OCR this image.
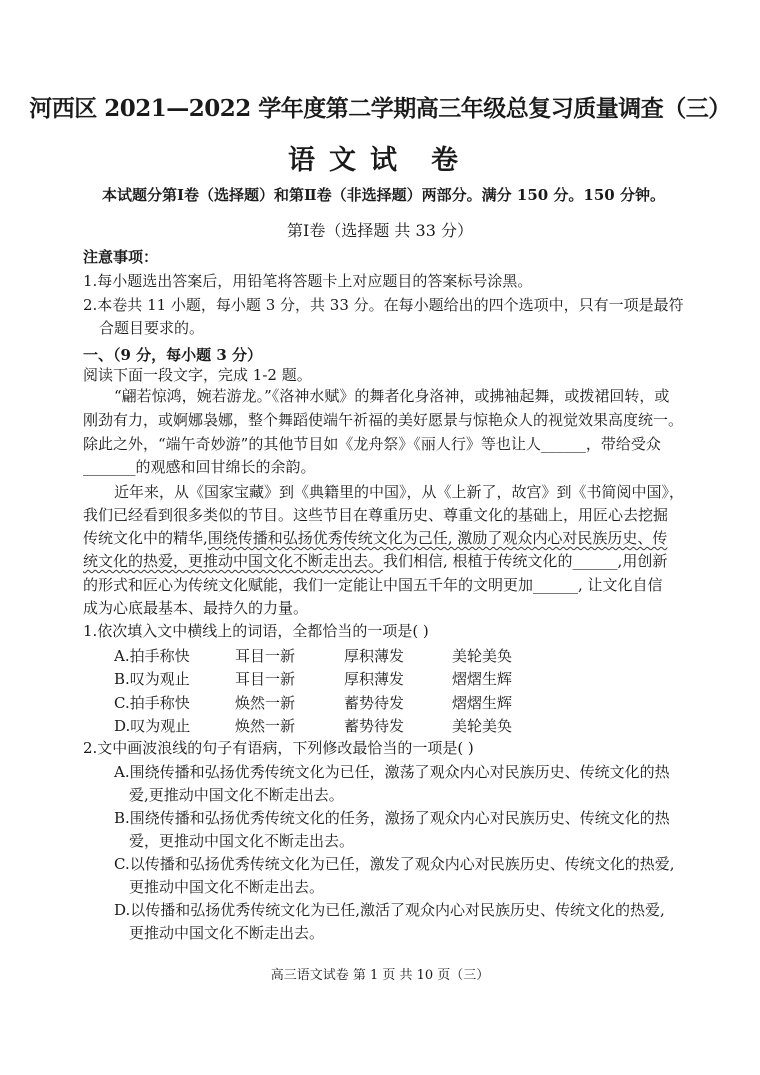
河西区 2021—2022 学年度第二学期高三年级总复习质量调查（三）
语文试 卷
本试题分第Ⅰ卷（选择题）和第Ⅱ卷（非选择题）两部分。满分 150 分。150 分钟。
第Ⅰ卷（选择题 共 33 分）
注意事项：
1.每小题选出答案后，用铅笔将答题卡上对应题目的答案标号涂黑。
2.本卷共 11 小题，每小题 3 分，共 33 分。在每小题给出的四个选项中，只有一项是最符
合题目要求的。
一、（9 分，每小题 3 分）
阅读下面一段文字，完成 1-2 题。
“翩若惊鸿，婉若游龙。”《洛神水赋》的舞者化身洛神，或拂袖起舞，或拨裙回转，或
刚劲有力，或婀娜袅娜，整个舞蹈使端午祈福的美好愿景与惊艳众人的视觉效果高度统一。
除此之外，“端午奇妙游”的其他节目如《龙舟祭》《丽人行》等也让人______，带给受众
_______的观感和回甘绵长的余韵。
近年来，从《国家宝藏》到《典籍里的中国》，从《上新了，故宫》到《书简阅中国》，
我们已经看到很多类似的节目。这些节目在尊重历史、尊重文化的基础上，用匠心去挖掘
传统文化中的精华,围绕传播和弘扬优秀传统文化为己任, 激励了观众内心对民族历史、传
统文化的热爱，更推动中国文化不断走出去。我们相信, 根植于传统文化的______,用创新
的形式和匠心为传统文化赋能，我们一定能让中国五千年的文明更加______, 让文化自信
成为心底最基本、最持久的力量。
1.依次填入文中横线上的词语，全都恰当的一项是( )
A.拍手称快	耳目一新	厚积薄发	美轮美奂
B.叹为观止	耳目一新	厚积薄发	熠熠生辉
C.拍手称快	焕然一新	蓄势待发	熠熠生辉
D.叹为观止	焕然一新	蓄势待发	美轮美奂
2.文中画波浪线的句子有语病，下列修改最恰当的一项是( )
A.围绕传播和弘扬优秀传统文化为已任，激荡了观众内心对民族历史、传统文化的热
爱,更推动中国文化不断走出去。
B.围绕传播和弘扬优秀传统文化的任务，激扬了观众内心对民族历史、传统文化的热
爱，更推动中国文化不断走出去。
C.以传播和弘扬优秀传统文化为已任，激发了观众内心对民族历史、传统文化的热爱,
更推动中国文化不断走出去。
D.以传播和弘扬优秀传统文化为已任,激活了观众内心对民族历史、传统文化的热爱,
更推动中国文化不断走出去。
高三语文试卷 第 1 页 共 10 页（三）
